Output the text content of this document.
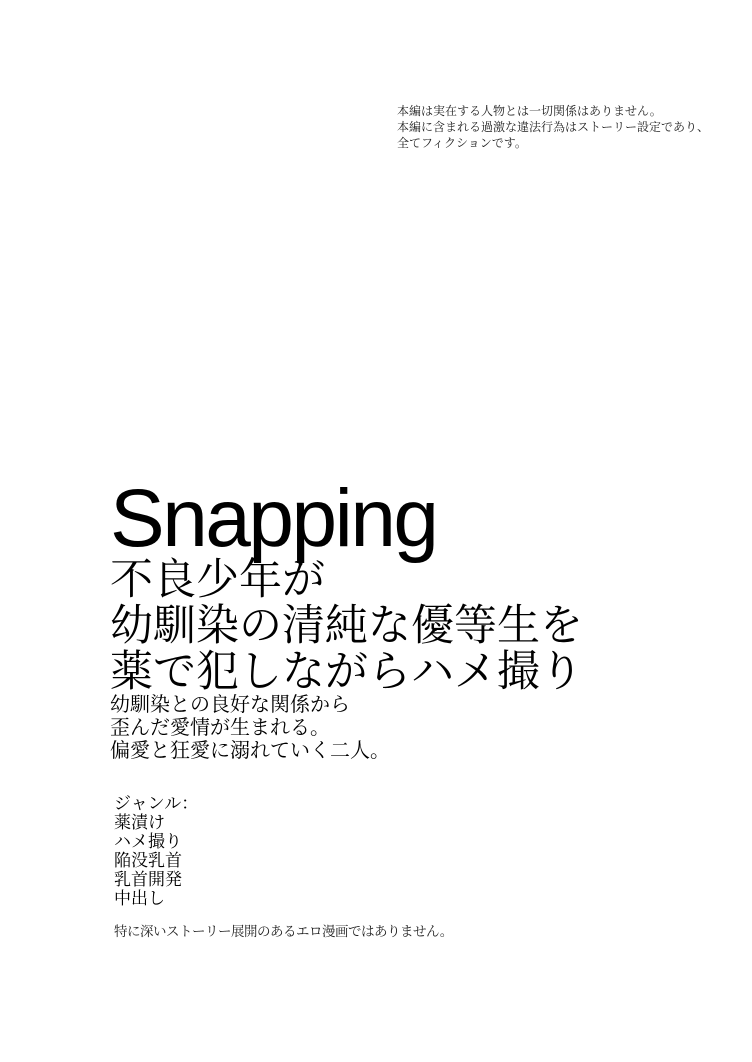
本編は実在する人物とは一切関係はありません。
本編に含まれる過激な違法行為はストーリー設定であり、
全てフィクションです。
Snapping
不良少年が
幼馴染の清純な優等生を
薬で犯しながらハメ撮り
幼馴染との良好な関係から
歪んだ愛情が生まれる。
偏愛と狂愛に溺れていく二人。
ジャンル：
薬漬け
ハメ撮り
陥没乳首
乳首開発
中出し

特に深いストーリー展開のあるエロ漫画ではありません。
